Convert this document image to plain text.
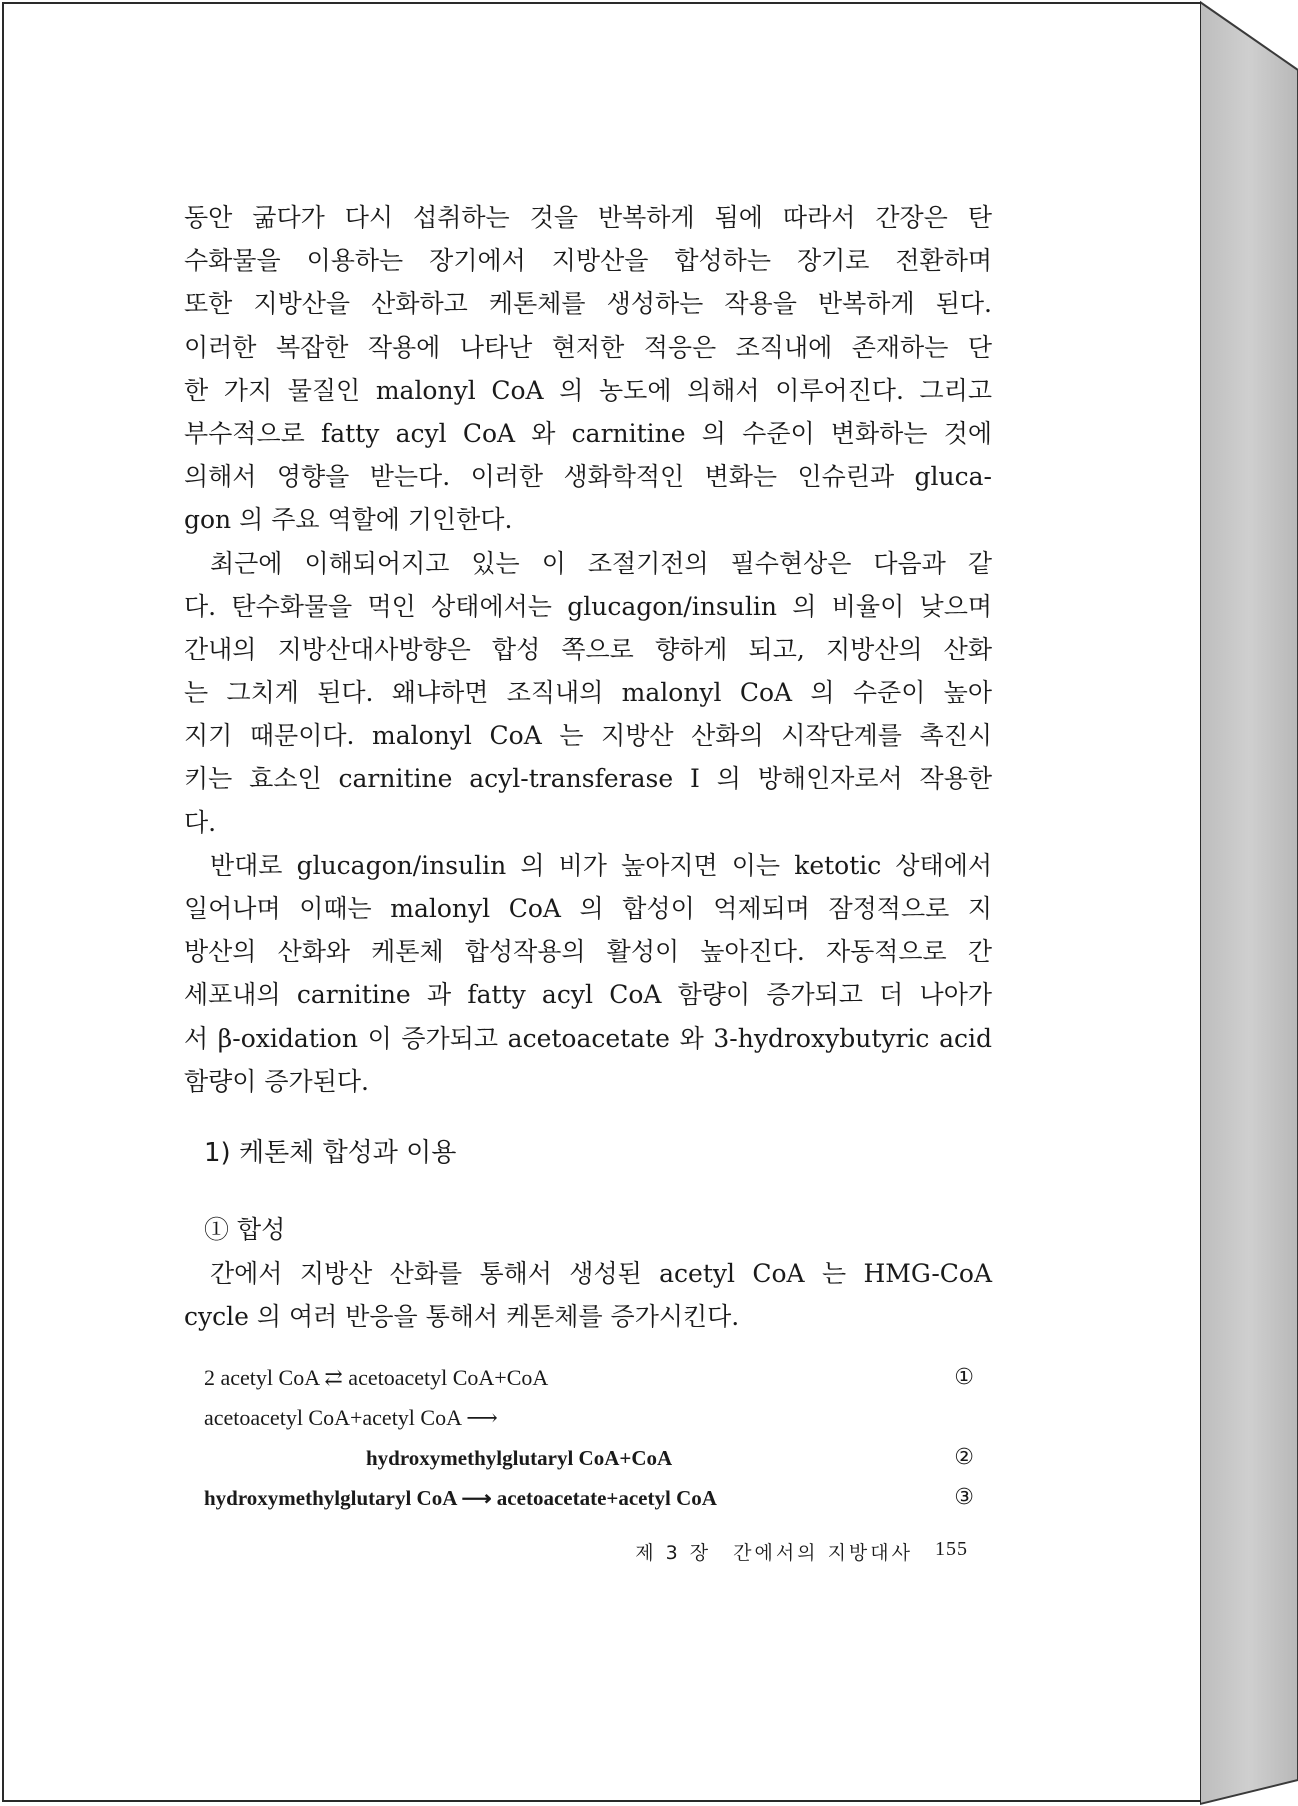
동안 굶다가 다시 섭취하는 것을 반복하게 됨에 따라서 간장은 탄

수화물을 이용하는 장기에서 지방산을 합성하는 장기로 전환하며

또한 지방산을 산화하고 케톤체를 생성하는 작용을 반복하게 된다.

이러한 복잡한 작용에 나타난 현저한 적응은 조직내에 존재하는 단

한 가지 물질인 malonyl CoA 의 농도에 의해서 이루어진다. 그리고

부수적으로 fatty acyl CoA 와 carnitine 의 수준이 변화하는 것에

의해서 영향을 받는다. 이러한 생화학적인 변화는 인슈린과 gluca-

gon 의 주요 역할에 기인한다.

최근에 이해되어지고 있는 이 조절기전의 필수현상은 다음과 같

다. 탄수화물을 먹인 상태에서는 glucagon/insulin 의 비율이 낮으며

간내의 지방산대사방향은 합성 쪽으로 향하게 되고, 지방산의 산화

는 그치게 된다. 왜냐하면 조직내의 malonyl CoA 의 수준이 높아

지기 때문이다. malonyl CoA 는 지방산 산화의 시작단계를 촉진시

키는 효소인 carnitine acyl-transferase I 의 방해인자로서 작용한

다.

반대로 glucagon/insulin 의 비가 높아지면 이는 ketotic 상태에서

일어나며 이때는 malonyl CoA 의 합성이 억제되며 잠정적으로 지

방산의 산화와 케톤체 합성작용의 활성이 높아진다. 자동적으로 간

세포내의 carnitine 과 fatty acyl CoA 함량이 증가되고 더 나아가

서 β-oxidation 이 증가되고 acetoacetate 와 3-hydroxybutyric acid

함량이 증가된다.

1) 케톤체 합성과 이용
① 합성

간에서 지방산 산화를 통해서 생성된 acetyl CoA 는 HMG-CoA

cycle 의 여러 반응을 통해서 케톤체를 증가시킨다.

2 acetyl CoA ⇄ acetoacetyl CoA+CoA	①
acetoacetyl CoA+acetyl CoA ⟶
hydroxymethylglutaryl CoA+CoA	②
hydroxymethylglutaryl CoA ⟶ acetoacetate+acetyl CoA	③
제 3 장 간에서의 지방대사 155
